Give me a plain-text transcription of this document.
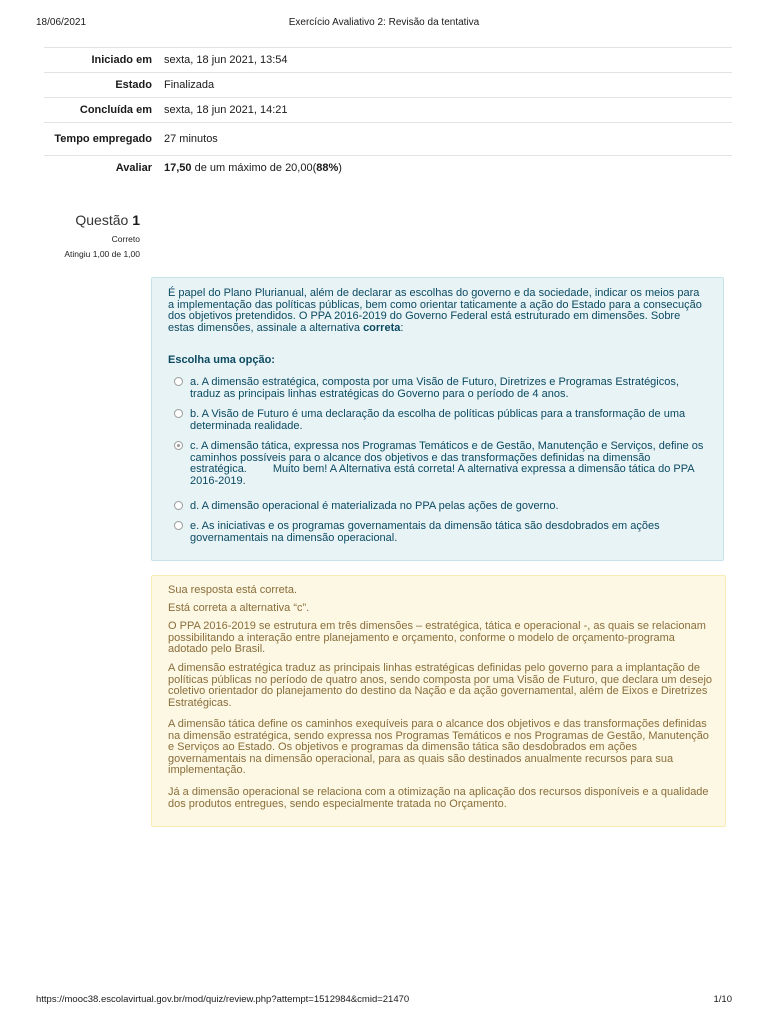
18/06/2021	Exercício Avaliativo 2: Revisão da tentativa
Iniciado em	sexta, 18 jun 2021, 13:54
Estado	Finalizada
Concluída em	sexta, 18 jun 2021, 14:21
Tempo empregado	27 minutos
Avaliar	17,50 de um máximo de 20,00(88%)
Questão 1
Correto
Atingiu 1,00 de 1,00
É papel do Plano Plurianual, além de declarar as escolhas do governo e da sociedade, indicar os meios para a implementação das políticas públicas, bem como orientar taticamente a ação do Estado para a consecução dos objetivos pretendidos. O PPA 2016-2019 do Governo Federal está estruturado em dimensões. Sobre estas dimensões, assinale a alternativa correta:
Escolha uma opção:
a. A dimensão estratégica, composta por uma Visão de Futuro, Diretrizes e Programas Estratégicos, traduz as principais linhas estratégicas do Governo para o período de 4 anos.
b. A Visão de Futuro é uma declaração da escolha de políticas públicas para a transformação de uma determinada realidade.
c. A dimensão tática, expressa nos Programas Temáticos e de Gestão, Manutenção e Serviços, define os caminhos possíveis para o alcance dos objetivos e das transformações definidas na dimensão estratégica. Muito bem! A Alternativa está correta! A alternativa expressa a dimensão tática do PPA 2016-2019.
d. A dimensão operacional é materializada no PPA pelas ações de governo.
e. As iniciativas e os programas governamentais da dimensão tática são desdobrados em ações governamentais na dimensão operacional.
Sua resposta está correta.
Está correta a alternativa “c”.
O PPA 2016-2019 se estrutura em três dimensões – estratégica, tática e operacional -, as quais se relacionam possibilitando a interação entre planejamento e orçamento, conforme o modelo de orçamento-programa adotado pelo Brasil.
A dimensão estratégica traduz as principais linhas estratégicas definidas pelo governo para a implantação de políticas públicas no período de quatro anos, sendo composta por uma Visão de Futuro, que declara um desejo coletivo orientador do planejamento do destino da Nação e da ação governamental, além de Eixos e Diretrizes Estratégicas.
A dimensão tática define os caminhos exequíveis para o alcance dos objetivos e das transformações definidas na dimensão estratégica, sendo expressa nos Programas Temáticos e nos Programas de Gestão, Manutenção e Serviços ao Estado. Os objetivos e programas da dimensão tática são desdobrados em ações governamentais na dimensão operacional, para as quais são destinados anualmente recursos para sua implementação.
Já a dimensão operacional se relaciona com a otimização na aplicação dos recursos disponíveis e a qualidade dos produtos entregues, sendo especialmente tratada no Orçamento.
https://mooc38.escolavirtual.gov.br/mod/quiz/review.php?attempt=1512984&cmid=21470	1/10
